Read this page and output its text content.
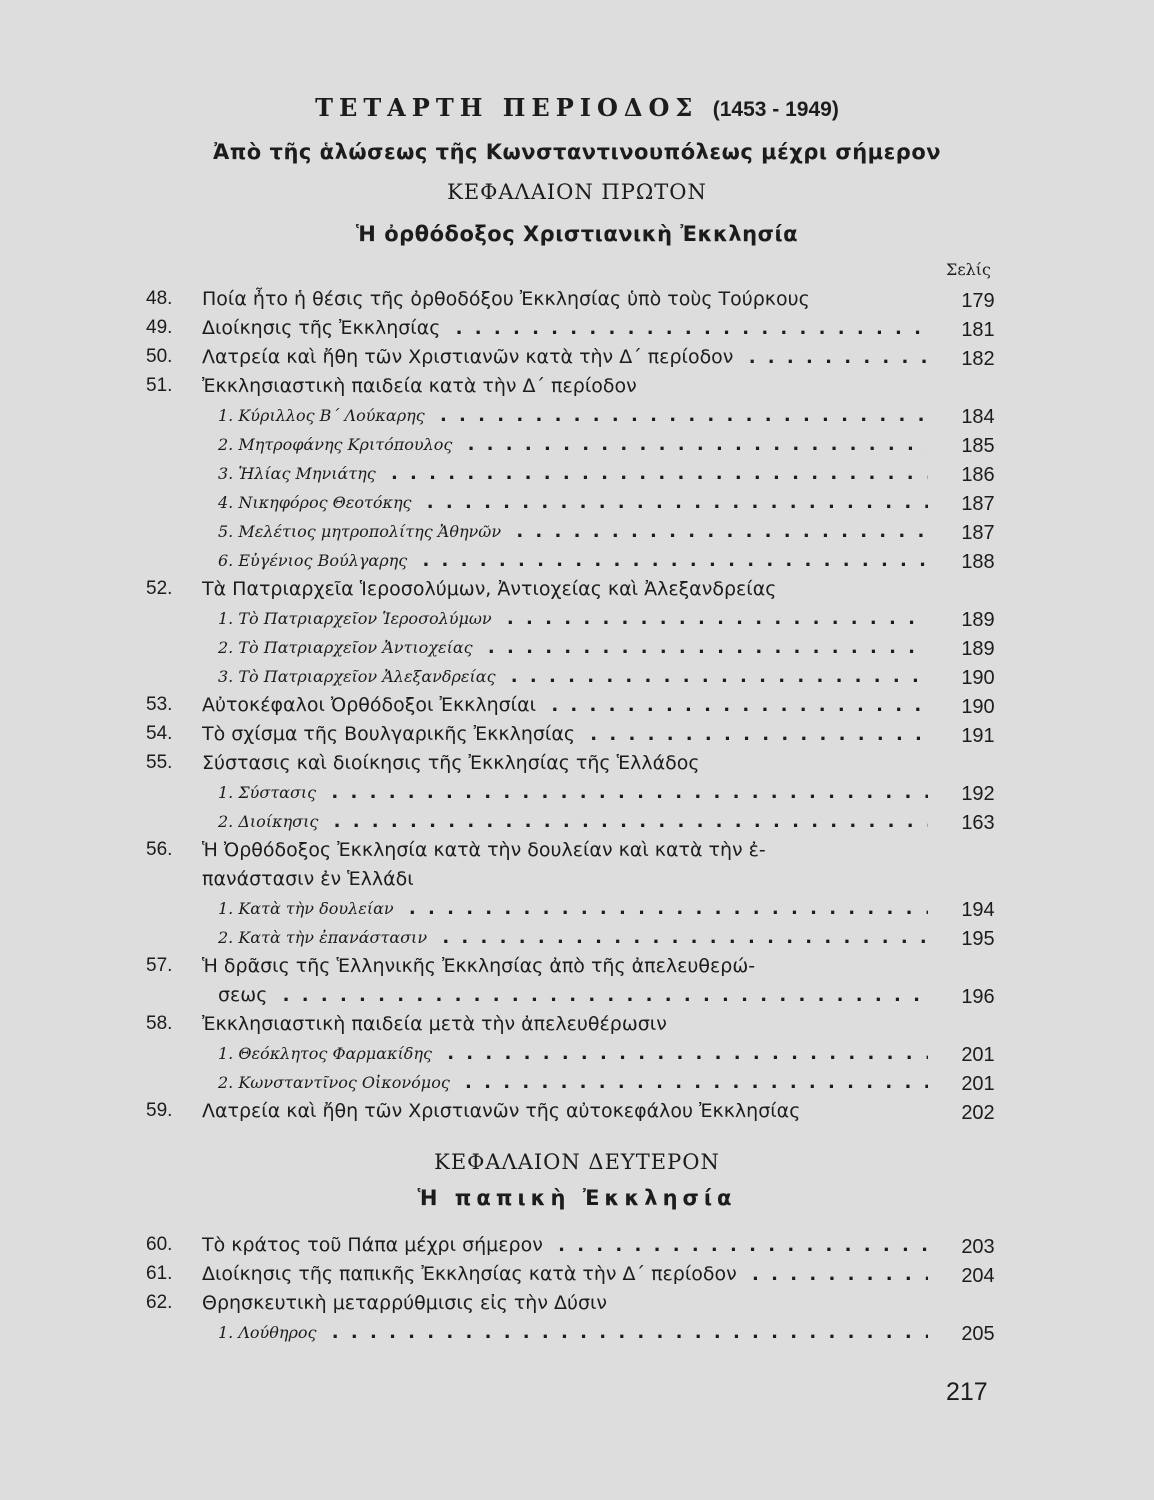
ΤΕΤΑΡΤΗ ΠΕΡΙΟΔΟΣ (1453 - 1949)
Ἀπὸ τῆς ἁλώσεως τῆς Κωνσταντινουπόλεως μέχρι σήμερον
ΚΕΦΑΛΑΙΟΝ ΠΡΩΤΟΝ
Ἡ ὀρθόδοξος Χριστιανικὴ Ἐκκλησία
Σελίς
48. Ποία ἦτο ἡ θέσις τῆς ὀρθοδόξου Ἐκκλησίας ὑπὸ τοὺς Τούρκους	179
49. Διοίκησις τῆς Ἐκκλησίας . . .	181
50. Λατρεία καὶ ἤθη τῶν Χριστιανῶν κατὰ τὴν Δ´ περίοδον . . .	182
51. Ἐκκλησιαστικὴ παιδεία κατὰ τὴν Δ´ περίοδον
1. Κύριλλος Β´ Λούκαρης . . .	184
2. Μητροφάνης Κριτόπουλος . . .	185
3. Ἡλίας Μηνιάτης . . .	186
4. Νικηφόρος Θεοτόκης . . .	187
5. Μελέτιος μητροπολίτης Ἀθηνῶν . . .	187
6. Εὐγένιος Βούλγαρης . . .	188
52. Τὰ Πατριαρχεῖα Ἱεροσολύμων, Ἀντιοχείας καὶ Ἀλεξανδρείας
1. Τὸ Πατριαρχεῖον Ἱεροσολύμων . . .	189
2. Τὸ Πατριαρχεῖον Ἀντιοχείας . . .	189
3. Τὸ Πατριαρχεῖον Ἀλεξανδρείας . . .	190
53. Αὐτοκέφαλοι Ὀρθόδοξοι Ἐκκλησίαι . . .	190
54. Τὸ σχίσμα τῆς Βουλγαρικῆς Ἐκκλησίας . . .	191
55. Σύστασις καὶ διοίκησις τῆς Ἐκκλησίας τῆς Ἑλλάδος
1. Σύστασις . . .	192
2. Διοίκησις . . .	163
56. Ἡ Ὀρθόδοξος Ἐκκλησία κατὰ τὴν δουλείαν καὶ κατὰ τὴν ἐ-
πανάστασιν ἐν Ἑλλάδι
1. Κατὰ τὴν δουλείαν . . .	194
2. Κατὰ τὴν ἐπανάστασιν . . .	195
57. Ἡ δρᾶσις τῆς Ἑλληνικῆς Ἐκκλησίας ἀπὸ τῆς ἀπελευθερώ-
σεως . . .	196
58. Ἐκκλησιαστικὴ παιδεία μετὰ τὴν ἀπελευθέρωσιν
1. Θεόκλητος Φαρμακίδης . . .	201
2. Κωνσταντῖνος Οἰκονόμος . . .	201
59. Λατρεία καὶ ἤθη τῶν Χριστιανῶν τῆς αὐτοκεφάλου Ἐκκλησίας	202
ΚΕΦΑΛΑΙΟΝ ΔΕΥΤΕΡΟΝ
Ἡ παπικὴ Ἐκκλησία
60. Τὸ κράτος τοῦ Πάπα μέχρι σήμερον . . .	203
61. Διοίκησις τῆς παπικῆς Ἐκκλησίας κατὰ τὴν Δ´ περίοδον . . .	204
62. Θρησκευτικὴ μεταρρύθμισις εἰς τὴν Δύσιν
1. Λούθηρος . . .	205
217
